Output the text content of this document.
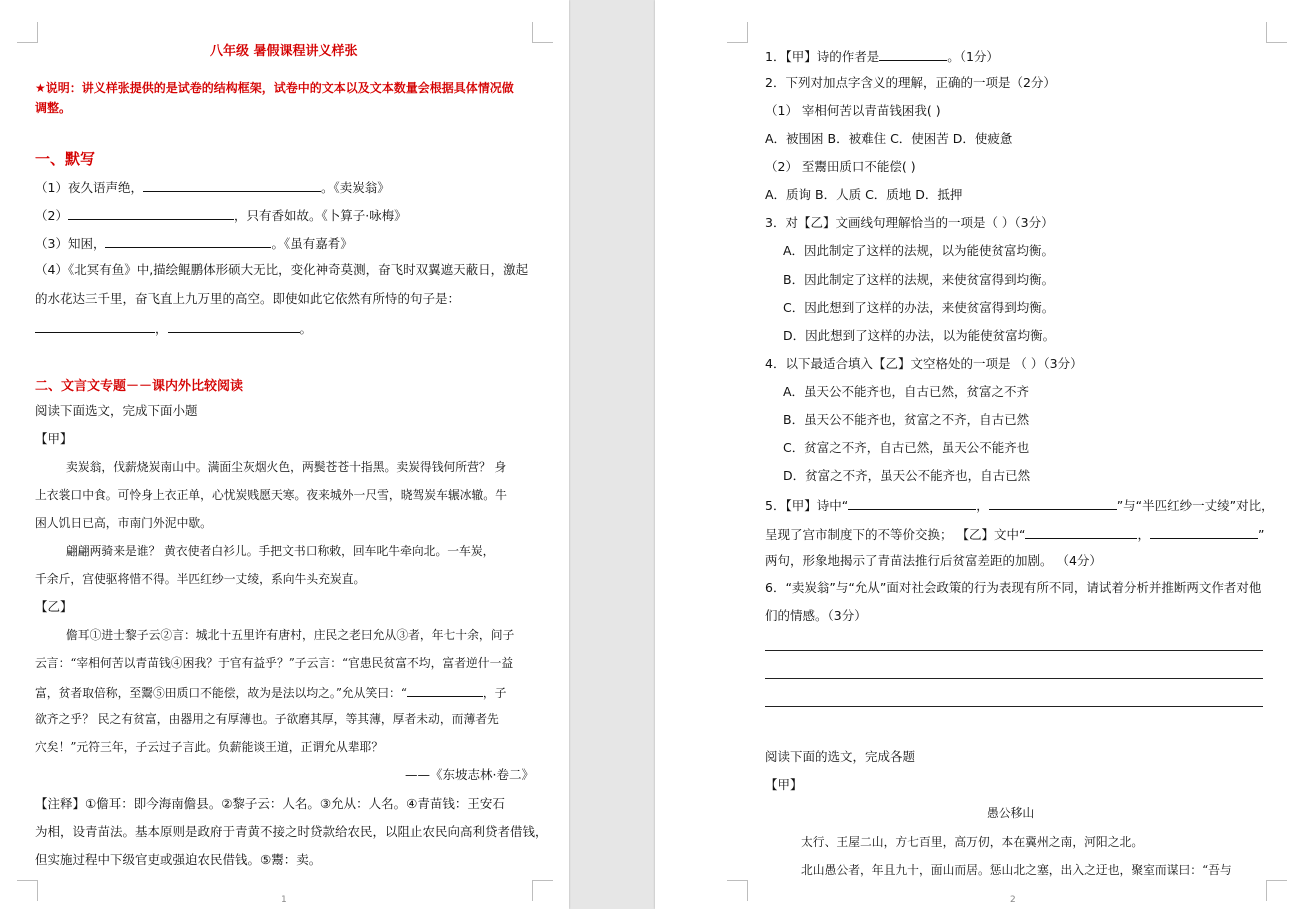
八年级 暑假课程讲义样张
★说明：讲义样张提供的是试卷的结构框架，试卷中的文本以及文本数量会根据具体情况做
调整。
一、默写
（1）夜久语声绝，	。《卖炭翁》
（2）	，只有香如故。《卜算子·咏梅》
（3）知困，	。《虽有嘉肴》
（4）《北冥有鱼》中,描绘鲲鹏体形硕大无比，变化神奇莫测，奋飞时双翼遮天蔽日，激起
的水花达三千里，奋飞直上九万里的高空。即使如此它依然有所恃的句子是：
，	。
二、文言文专题－－课内外比较阅读
阅读下面选文，完成下面小题
【甲】
卖炭翁，伐薪烧炭南山中。满面尘灰烟火色，两鬓苍苍十指黑。卖炭得钱何所营？ 身
上衣裳口中食。可怜身上衣正单，心忧炭贱愿天寒。夜来城外一尺雪，晓驾炭车辗冰辙。牛
困人饥日已高，市南门外泥中歇。
翩翩两骑来是谁？ 黄衣使者白衫儿。手把文书口称敕，回车叱牛牵向北。一车炭，
千余斤，宫使驱将惜不得。半匹红纱一丈绫，系向牛头充炭直。
【乙】
儋耳①进士黎子云②言：城北十五里许有唐村，庄民之老曰允从③者，年七十余，问子
云言：“宰相何苦以青苗钱④困我？于官有益乎？”子云言：“官患民贫富不均，富者逆什一益
富，贫者取倍称，至鬻⑤田质口不能偿，故为是法以均之。”允从笑曰：“	，子
欲齐之乎？ 民之有贫富，由器用之有厚薄也。子欲磨其厚，等其薄，厚者未动，而薄者先
穴矣！”元符三年，子云过子言此。负薪能谈王道，正谓允从辈耶？
——《东坡志林·卷二》
【注释】①儋耳：即今海南儋县。②黎子云：人名。③允从：人名。④青苗钱：王安石
为相，设青苗法。基本原则是政府于青黄不接之时贷款给农民，以阻止农民向高利贷者借钱，
但实施过程中下级官吏或强迫农民借钱。⑤鬻：卖。
1
1．【甲】诗的作者是	。（1分）
2．下列对加点字含义的理解，正确的一项是（2分）
（1） 宰相何苦以青苗钱困我( )
A．被围困 B．被难住 C．使困苦 D．使疲惫
（2） 至鬻田质口不能偿( )
A．质询 B．人质 C．质地 D．抵押
3．对【乙】文画线句理解恰当的一项是（ ）（3分）
A．因此制定了这样的法规，以为能使贫富均衡。
B．因此制定了这样的法规，来使贫富得到均衡。
C．因此想到了这样的办法，来使贫富得到均衡。
D．因此想到了这样的办法，以为能使贫富均衡。
4．以下最适合填入【乙】文空格处的一项是 （ ）（3分）
A．虽天公不能齐也，自古已然，贫富之不齐
B．虽天公不能齐也，贫富之不齐，自古已然
C．贫富之不齐，自古已然，虽天公不能齐也
D．贫富之不齐，虽天公不能齐也，自古已然
5．【甲】诗中“	，	”与“半匹红纱一丈绫”对比，
呈现了宫市制度下的不等价交换； 【乙】文中“	，	”
两句，形象地揭示了青苗法推行后贫富差距的加剧。 （4分）
6．“卖炭翁”与“允从”面对社会政策的行为表现有所不同，请试着分析并推断两文作者对他
们的情感。（3分）
阅读下面的选文，完成各题
【甲】
愚公移山
太行、王屋二山，方七百里，高万仞，本在冀州之南，河阳之北。
北山愚公者，年且九十，面山而居。惩山北之塞，出入之迂也，聚室而谋曰：“吾与
2
